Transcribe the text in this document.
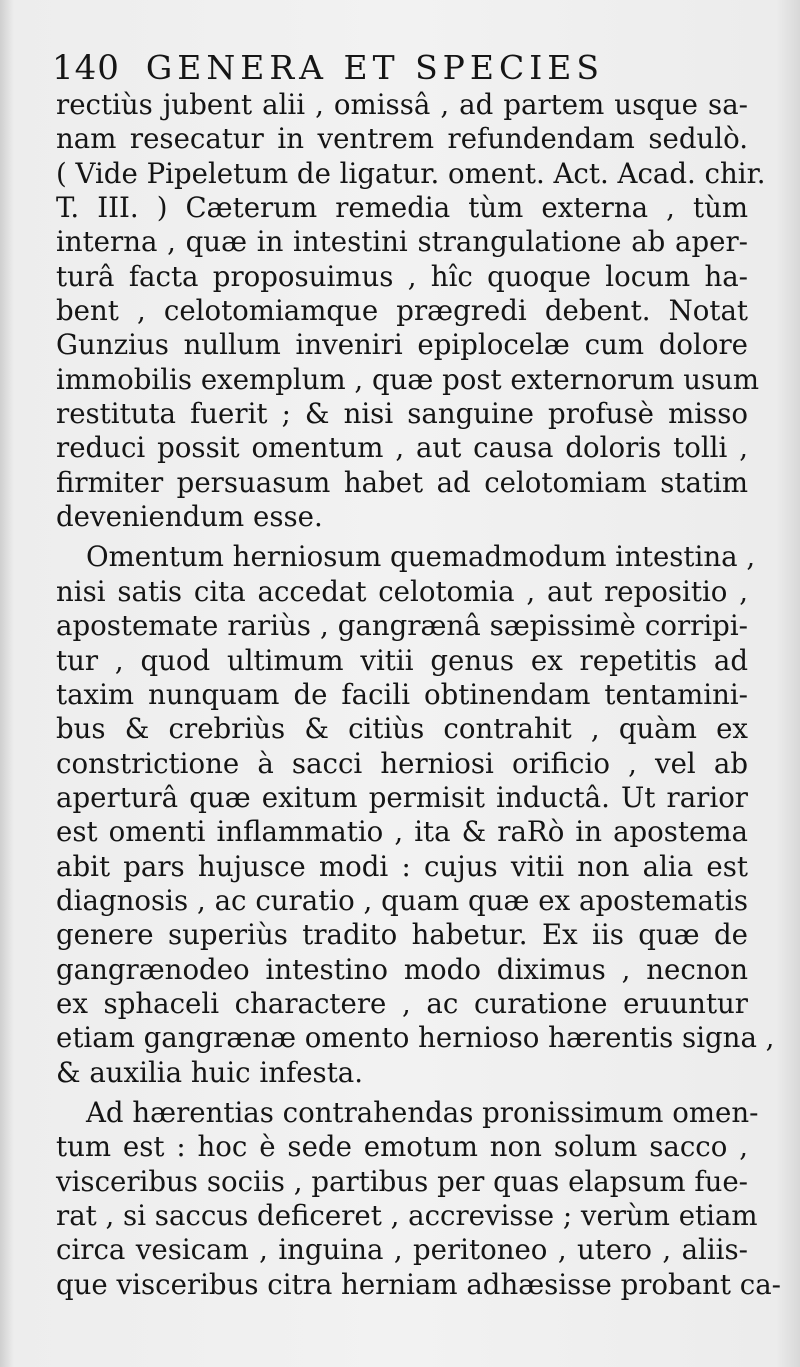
140 GENERA ET SPECIES
rectiùs jubent alii , omissâ , ad partem usque sa-
nam resecatur in ventrem refundendam sedulò.
( Vide Pipeletum de ligatur. oment. Act. Acad. chir.
T. III. ) Cæterum remedia tùm externa , tùm
interna , quæ in intestini strangulatione ab aper-
turâ facta proposuimus , hîc quoque locum ha-
bent , celotomiamque prægredi debent. Notat
Gunzius nullum inveniri epiplocelæ cum dolore
immobilis exemplum , quæ post externorum usum
restituta fuerit ; & nisi sanguine profusè misso
reduci possit omentum , aut causa doloris tolli ,
firmiter persuasum habet ad celotomiam statim
deveniendum esse.
Omentum herniosum quemadmodum intestina ,
nisi satis cita accedat celotomia , aut repositio ,
apostemate rariùs , gangrænâ sæpissimè corripi-
tur , quod ultimum vitii genus ex repetitis ad
taxim nunquam de facili obtinendam tentamini-
bus & crebriùs & citiùs contrahit , quàm ex
constrictione à sacci herniosi orificio , vel ab
aperturâ quæ exitum permisit inductâ. Ut rarior
est omenti inflammatio , ita & raRò in apostema
abit pars hujusce modi : cujus vitii non alia est
diagnosis , ac curatio , quam quæ ex apostematis
genere superiùs tradito habetur. Ex iis quæ de
gangrænodeo intestino modo diximus , necnon
ex sphaceli charactere , ac curatione eruuntur
etiam gangrænæ omento hernioso hærentis signa ,
& auxilia huic infesta.
Ad hærentias contrahendas pronissimum omen-
tum est : hoc è sede emotum non solum sacco ,
visceribus sociis , partibus per quas elapsum fue-
rat , si saccus deficeret , accrevisse ; verùm etiam
circa vesicam , inguina , peritoneo , utero , aliis-
que visceribus citra herniam adhæsisse probant ca-
